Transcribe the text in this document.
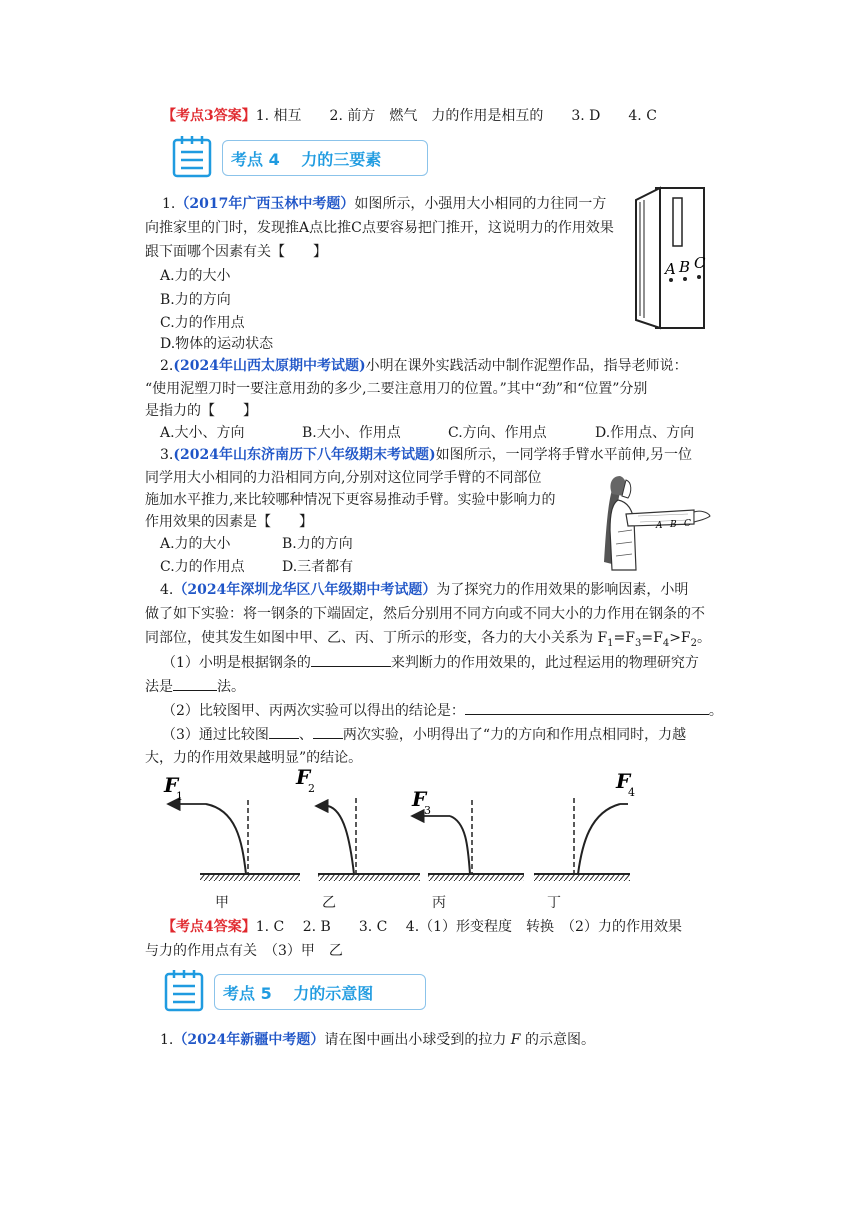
【考点3答案】1. 相互　　2. 前方　燃气　力的作用是相互的　　3. D　　4. C
考点 4　 力的三要素
1.（2017年广西玉林中考题）如图所示，小强用大小相同的力往同一方
向推家里的门时，发现推A点比推C点要容易把门推开，这说明力的作用效果
跟下面哪个因素有关【　　】
A.力的大小
B.力的方向
C.力的作用点
D.物体的运动状态
A B C
2.(2024年山西太原期中考试题)小明在课外实践活动中制作泥塑作品，指导老师说：
“使用泥塑刀时一要注意用劲的多少,二要注意用刀的位置。”其中“劲”和“位置”分别
是指力的【　　】
A.大小、方向	B.大小、作用点	C.方向、作用点	D.作用点、方向
3.(2024年山东济南历下八年级期末考试题)如图所示，一同学将手臂水平前伸,另一位
同学用大小相同的力沿相同方向,分别对这位同学手臂的不同部位
施加水平推力,来比较哪种情况下更容易推动手臂。实验中影响力的
作用效果的因素是【　　】
A.力的大小	B.力的方向
C.力的作用点	D.三者都有
A B C
4.（2024年深圳龙华区八年级期中考试题）为了探究力的作用效果的影响因素，小明
做了如下实验：将一钢条的下端固定，然后分别用不同方向或不同大小的力作用在钢条的不
同部位，使其发生如图中甲、乙、丙、丁所示的形变，各力的大小关系为 $F_1=F_3=F_4>F_2$。
（1）小明是根据钢条的	来判断力的作用效果的，此过程运用的物理研究方
法是	法。
（2）比较图甲、丙两次实验可以得出的结论是：	。
（3）通过比较图 、 两次实验，小明得出了“力的方向和作用点相同时，力越
大，力的作用效果越明显”的结论。
F
1
F
2	F
3
F
4
甲	乙	丙	丁
【考点4答案】1. C　 2. B　　3. C　 4.（1）形变程度　转换　（2）力的作用效果
与力的作用点有关　（3）甲　乙
考点 5　 力的示意图
1.（2024年新疆中考题）请在图中画出小球受到的拉力 F 的示意图。
